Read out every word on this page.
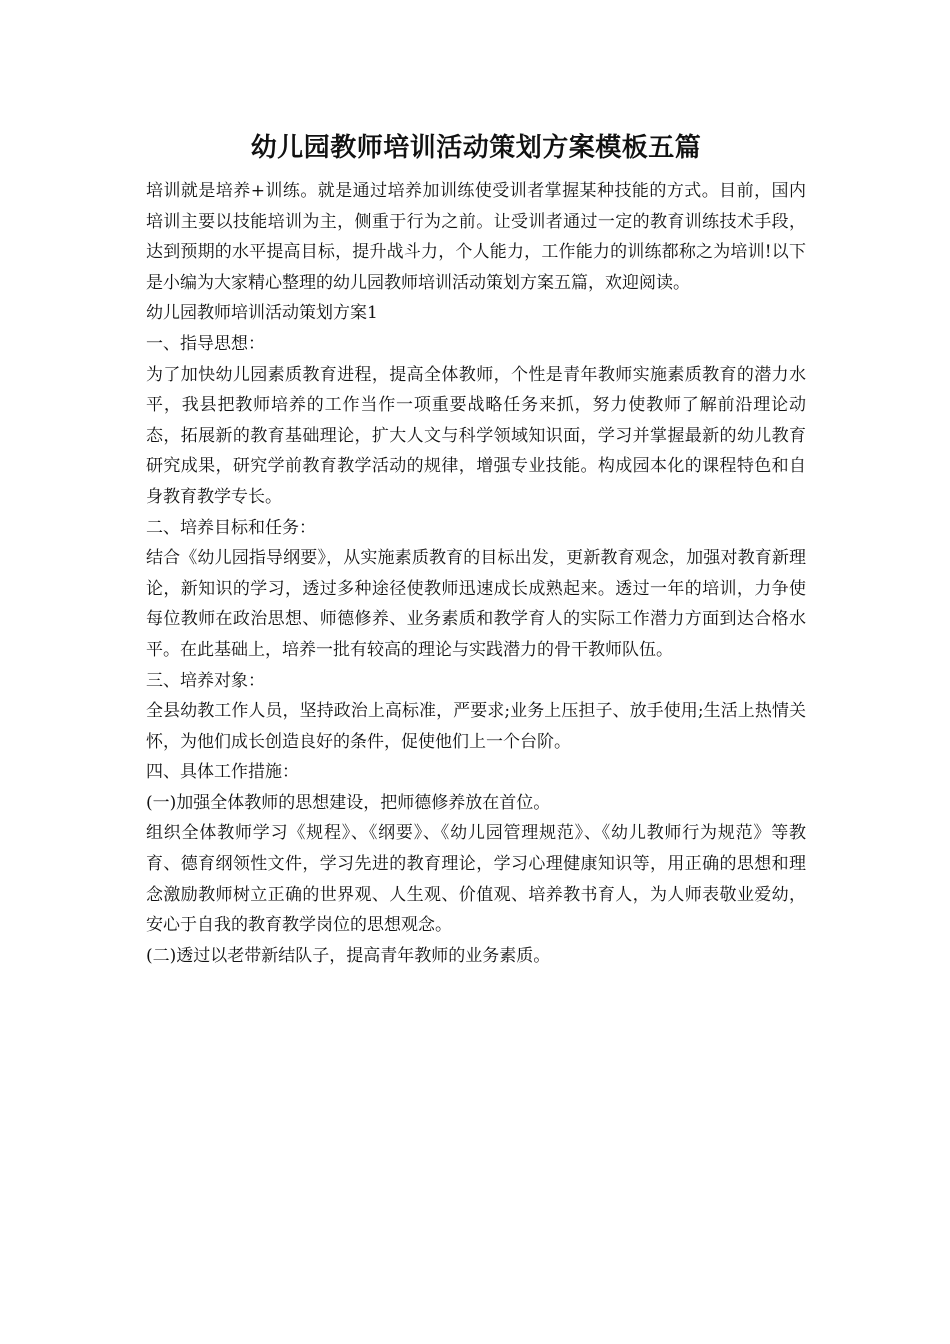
幼儿园教师培训活动策划方案模板五篇

培训就是培养+训练。就是通过培养加训练使受训者掌握某种技能的方式。目前，国内培训主要以技能培训为主，侧重于行为之前。让受训者通过一定的教育训练技术手段，达到预期的水平提高目标，提升战斗力，个人能力，工作能力的训练都称之为培训!以下是小编为大家精心整理的幼儿园教师培训活动策划方案五篇，欢迎阅读。

幼儿园教师培训活动策划方案1

一、指导思想：

为了加快幼儿园素质教育进程，提高全体教师，个性是青年教师实施素质教育的潜力水平，我县把教师培养的工作当作一项重要战略任务来抓，努力使教师了解前沿理论动态，拓展新的教育基础理论，扩大人文与科学领域知识面，学习并掌握最新的幼儿教育研究成果，研究学前教育教学活动的规律，增强专业技能。构成园本化的课程特色和自身教育教学专长。

二、培养目标和任务：

结合《幼儿园指导纲要》，从实施素质教育的目标出发，更新教育观念，加强对教育新理论，新知识的学习，透过多种途径使教师迅速成长成熟起来。透过一年的培训，力争使每位教师在政治思想、师德修养、业务素质和教学育人的实际工作潜力方面到达合格水平。在此基础上，培养一批有较高的理论与实践潜力的骨干教师队伍。

三、培养对象：

全县幼教工作人员，坚持政治上高标准，严要求;业务上压担子、放手使用;生活上热情关怀，为他们成长创造良好的条件，促使他们上一个台阶。

四、具体工作措施：

(一)加强全体教师的思想建设，把师德修养放在首位。

组织全体教师学习《规程》、《纲要》、《幼儿园管理规范》、《幼儿教师行为规范》等教育、德育纲领性文件，学习先进的教育理论，学习心理健康知识等，用正确的思想和理念激励教师树立正确的世界观、人生观、价值观、培养教书育人，为人师表敬业爱幼，安心于自我的教育教学岗位的思想观念。

(二)透过以老带新结队子，提高青年教师的业务素质。
